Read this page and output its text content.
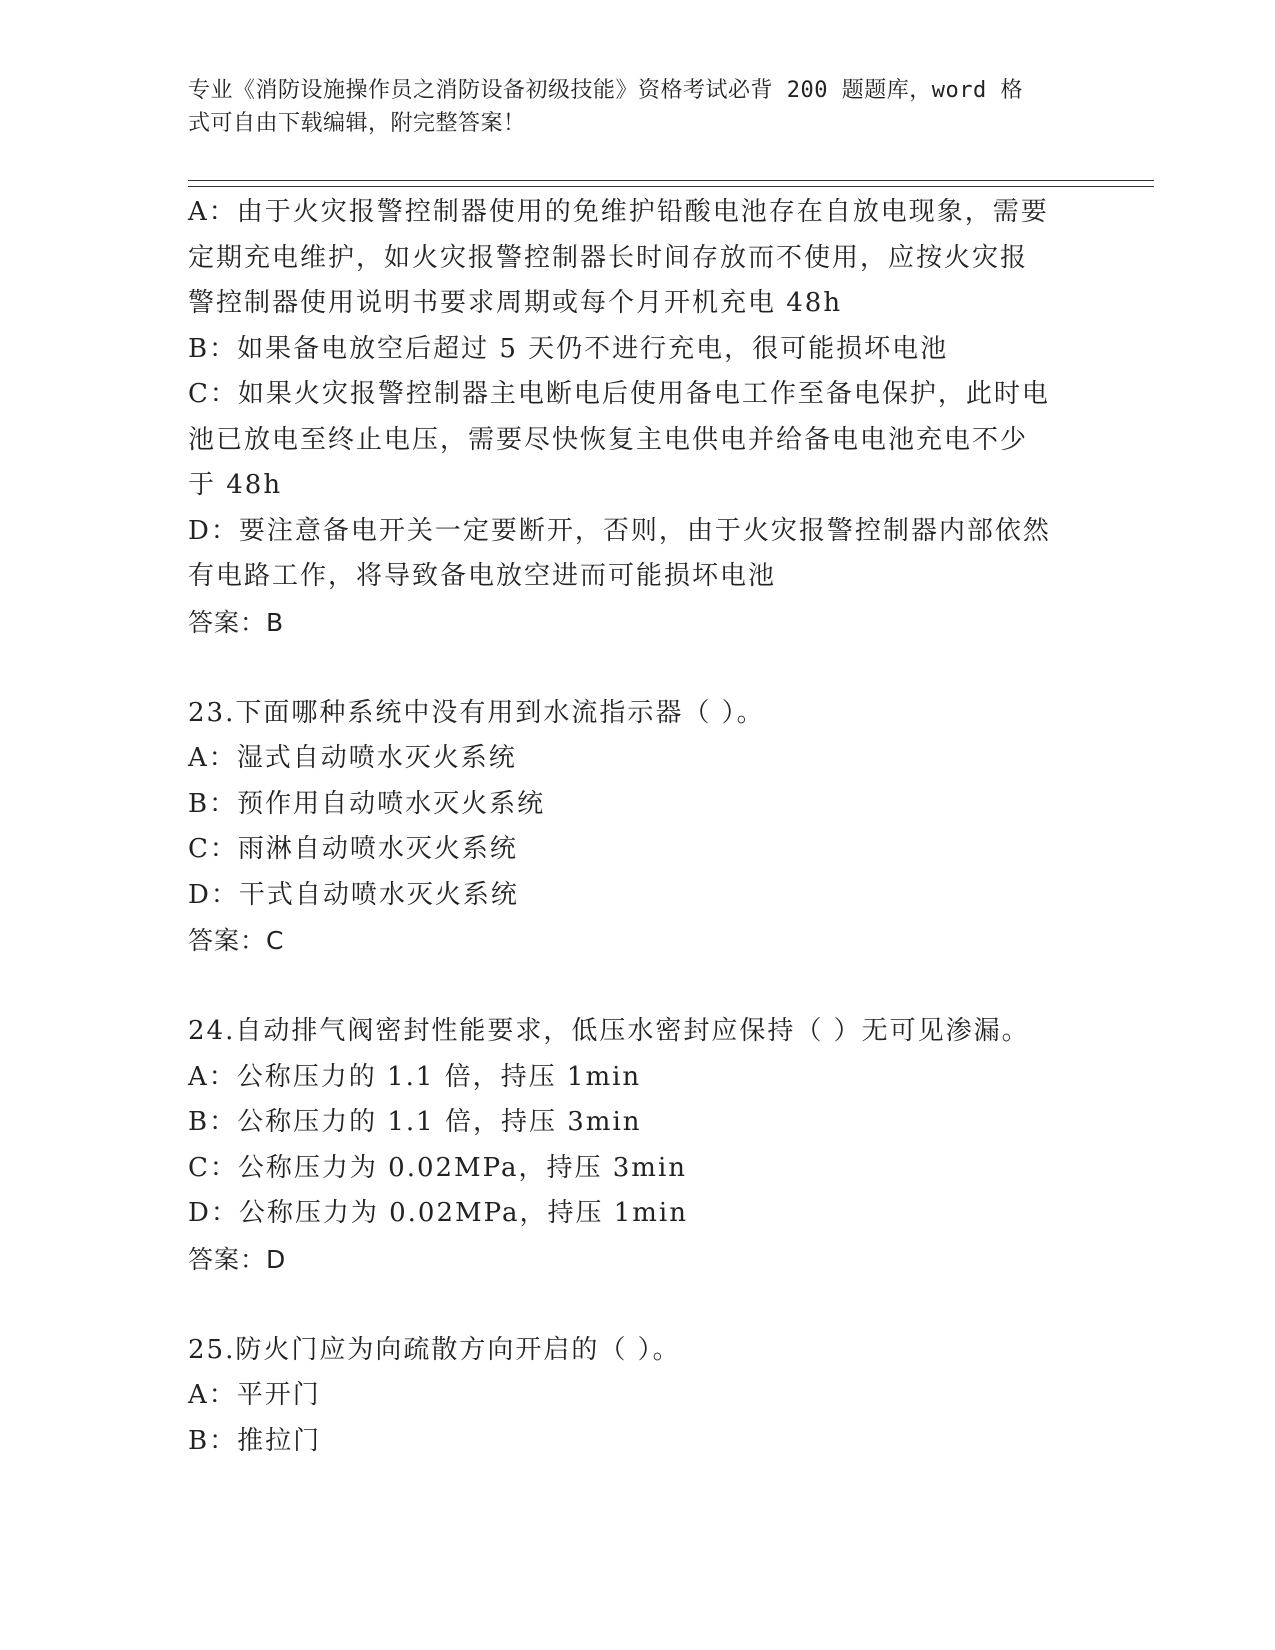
专业《消防设施操作员之消防设备初级技能》资格考试必背 200 题题库，word 格
式可自由下载编辑，附完整答案！
A：由于火灾报警控制器使用的免维护铅酸电池存在自放电现象，需要
定期充电维护，如火灾报警控制器长时间存放而不使用，应按火灾报
警控制器使用说明书要求周期或每个月开机充电 48h
B：如果备电放空后超过 5 天仍不进行充电，很可能损坏电池
C：如果火灾报警控制器主电断电后使用备电工作至备电保护，此时电
池已放电至终止电压，需要尽快恢复主电供电并给备电电池充电不少
于 48h
D：要注意备电开关一定要断开，否则，由于火灾报警控制器内部依然
有电路工作，将导致备电放空进而可能损坏电池
答案：B
23.下面哪种系统中没有用到水流指示器（ ）。
A：湿式自动喷水灭火系统
B：预作用自动喷水灭火系统
C：雨淋自动喷水灭火系统
D：干式自动喷水灭火系统
答案：C
24.自动排气阀密封性能要求，低压水密封应保持（ ）无可见渗漏。
A：公称压力的 1.1 倍，持压 1min
B：公称压力的 1.1 倍，持压 3min
C：公称压力为 0.02MPa，持压 3min
D：公称压力为 0.02MPa，持压 1min
答案：D
25.防火门应为向疏散方向开启的（ ）。
A：平开门
B：推拉门
